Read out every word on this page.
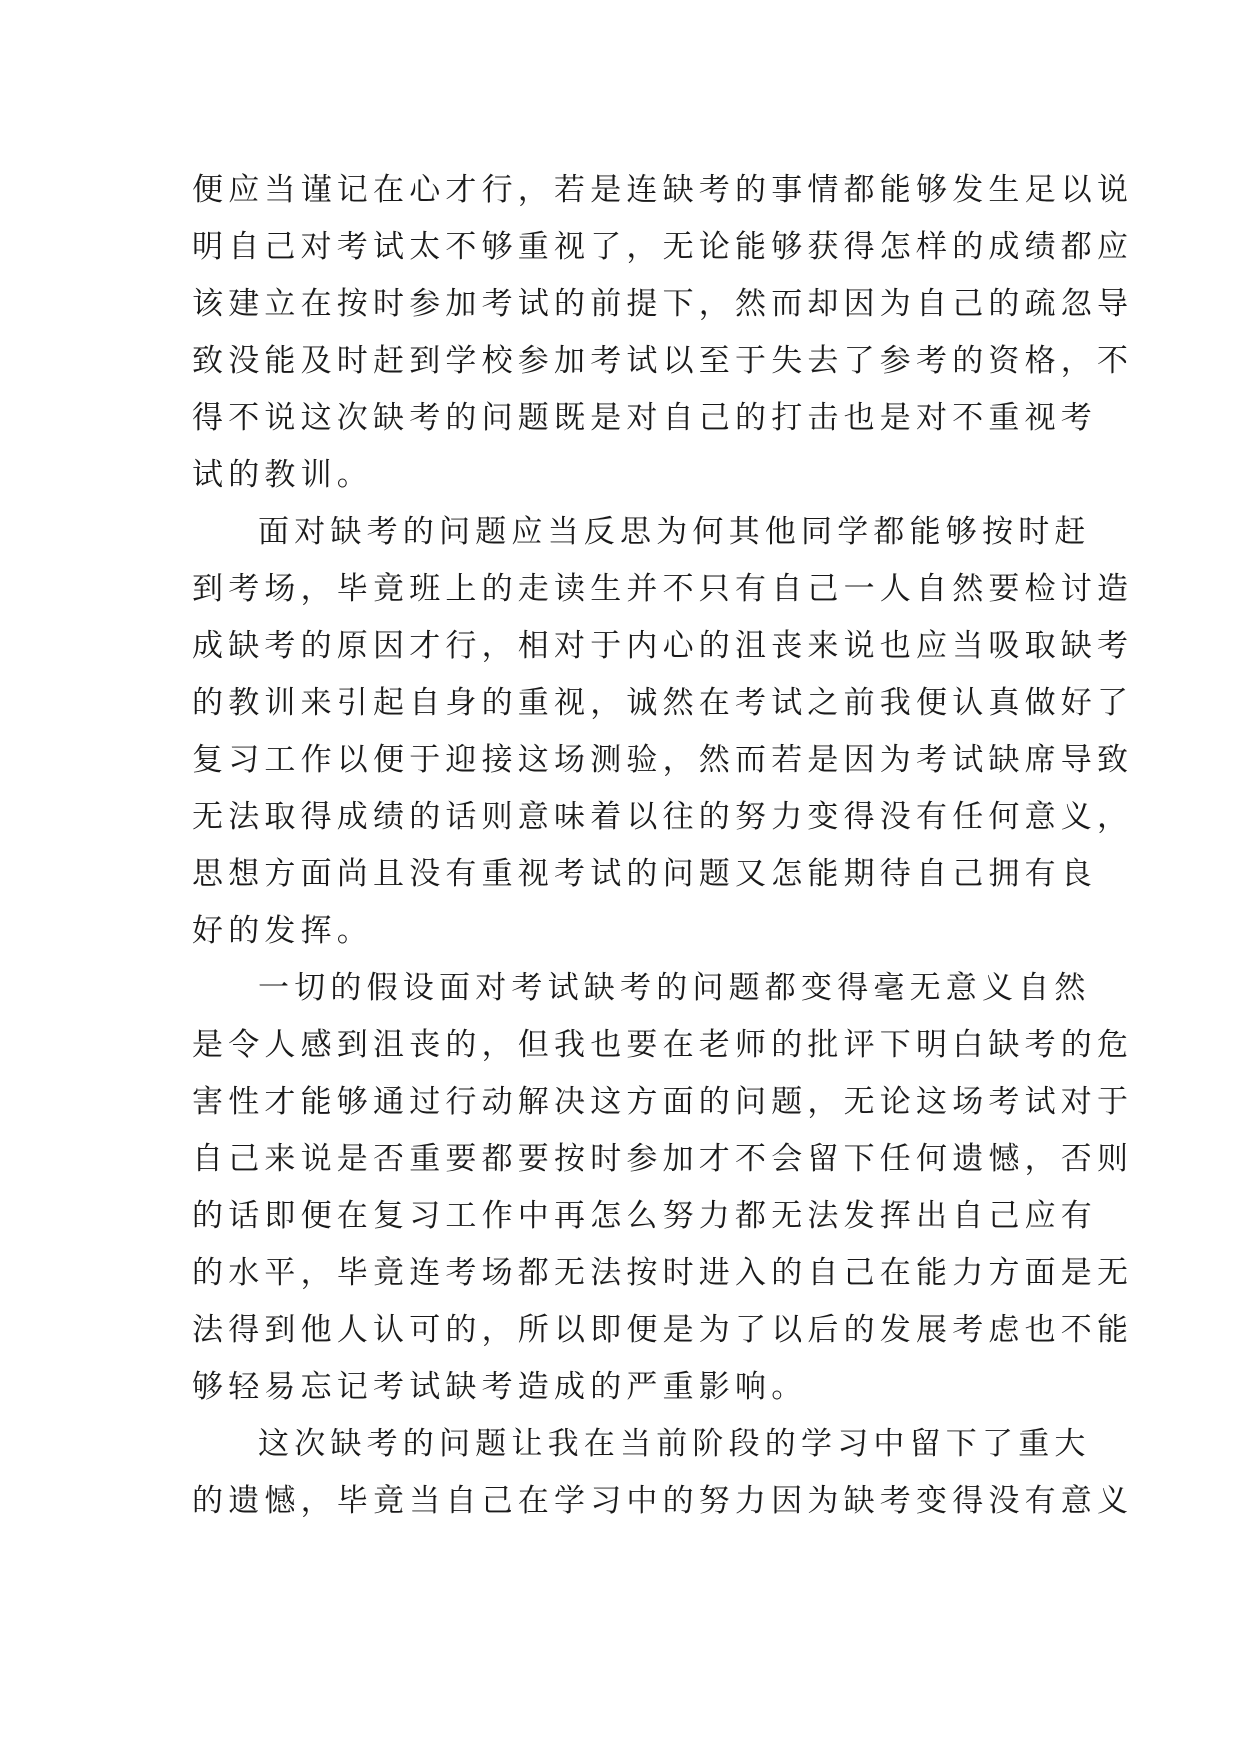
便应当谨记在心才行，若是连缺考的事情都能够发生足以说
明自己对考试太不够重视了，无论能够获得怎样的成绩都应
该建立在按时参加考试的前提下，然而却因为自己的疏忽导
致没能及时赶到学校参加考试以至于失去了参考的资格，不
得不说这次缺考的问题既是对自己的打击也是对不重视考
试的教训。
面对缺考的问题应当反思为何其他同学都能够按时赶
到考场，毕竟班上的走读生并不只有自己一人自然要检讨造
成缺考的原因才行，相对于内心的沮丧来说也应当吸取缺考
的教训来引起自身的重视，诚然在考试之前我便认真做好了
复习工作以便于迎接这场测验，然而若是因为考试缺席导致
无法取得成绩的话则意味着以往的努力变得没有任何意义，
思想方面尚且没有重视考试的问题又怎能期待自己拥有良
好的发挥。
一切的假设面对考试缺考的问题都变得毫无意义自然
是令人感到沮丧的，但我也要在老师的批评下明白缺考的危
害性才能够通过行动解决这方面的问题，无论这场考试对于
自己来说是否重要都要按时参加才不会留下任何遗憾，否则
的话即便在复习工作中再怎么努力都无法发挥出自己应有
的水平，毕竟连考场都无法按时进入的自己在能力方面是无
法得到他人认可的，所以即便是为了以后的发展考虑也不能
够轻易忘记考试缺考造成的严重影响。
这次缺考的问题让我在当前阶段的学习中留下了重大
的遗憾，毕竟当自己在学习中的努力因为缺考变得没有意义
